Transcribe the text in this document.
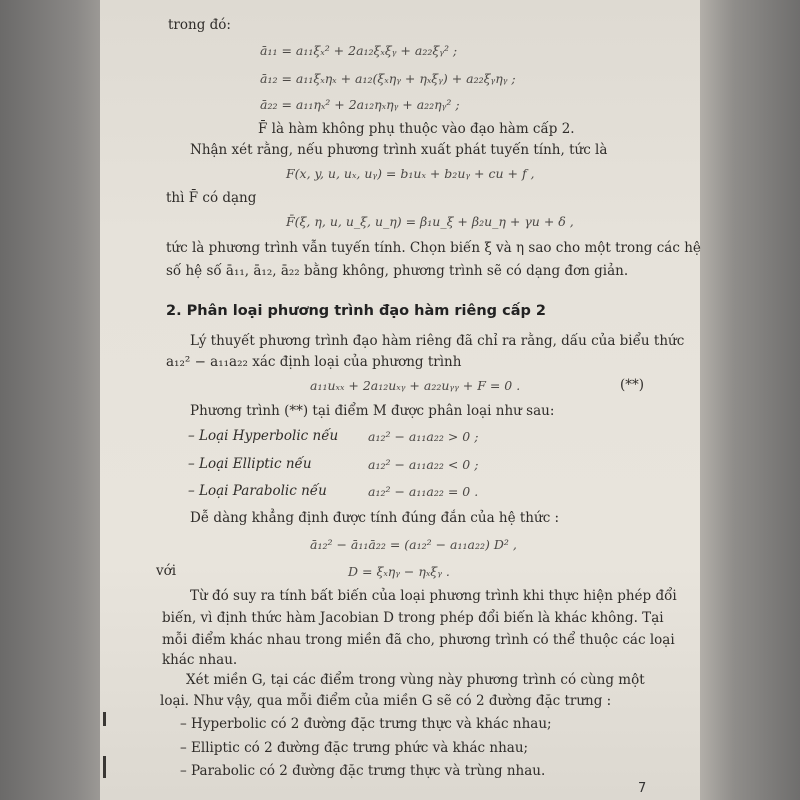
trong đó:
ā₁₁ = a₁₁ξₓ² + 2a₁₂ξₓξᵧ + a₂₂ξᵧ² ;
ā₁₂ = a₁₁ξₓηₓ + a₁₂(ξₓηᵧ + ηₓξᵧ) + a₂₂ξᵧηᵧ ;
ā₂₂ = a₁₁ηₓ² + 2a₁₂ηₓηᵧ + a₂₂ηᵧ² ;
F̄ là hàm không phụ thuộc vào đạo hàm cấp 2.
Nhận xét rằng, nếu phương trình xuất phát tuyến tính, tức là
F(x, y, u, uₓ, uᵧ) = b₁uₓ + b₂uᵧ + cu + f ,
thì F̄ có dạng
F̄(ξ, η, u, u_ξ, u_η) = β₁u_ξ + β₂u_η + γu + δ ,
tức là phương trình vẫn tuyến tính. Chọn biến ξ và η sao cho một trong các hệ
số hệ số ā₁₁, ā₁₂, ā₂₂ bằng không, phương trình sẽ có dạng đơn giản.
2. Phân loại phương trình đạo hàm riêng cấp 2
Lý thuyết phương trình đạo hàm riêng đã chỉ ra rằng, dấu của biểu thức
a₁₂² − a₁₁a₂₂ xác định loại của phương trình
a₁₁uₓₓ + 2a₁₂uₓᵧ + a₂₂uᵧᵧ + F = 0 .	(**)
Phương trình (**) tại điểm M được phân loại như sau:
– Loại Hyperbolic nếu a₁₂² − a₁₁a₂₂ > 0 ;
– Loại Elliptic nếu	a₁₂² − a₁₁a₂₂ < 0 ;
– Loại Parabolic nếu	a₁₂² − a₁₁a₂₂ = 0 .
Dễ dàng khẳng định được tính đúng đắn của hệ thức :
ā₁₂² − ā₁₁ā₂₂ = (a₁₂² − a₁₁a₂₂) D² ,
với	D = ξₓηᵧ − ηₓξᵧ .
Từ đó suy ra tính bất biến của loại phương trình khi thực hiện phép đổi
biến, vì định thức hàm Jacobian D trong phép đổi biến là khác không. Tại
mỗi điểm khác nhau trong miền đã cho, phương trình có thể thuộc các loại
khác nhau.
Xét miền G, tại các điểm trong vùng này phương trình có cùng một
loại. Như vậy, qua mỗi điểm của miền G sẽ có 2 đường đặc trưng :
– Hyperbolic có 2 đường đặc trưng thực và khác nhau;
– Elliptic có 2 đường đặc trưng phức và khác nhau;
– Parabolic có 2 đường đặc trưng thực và trùng nhau.
7
